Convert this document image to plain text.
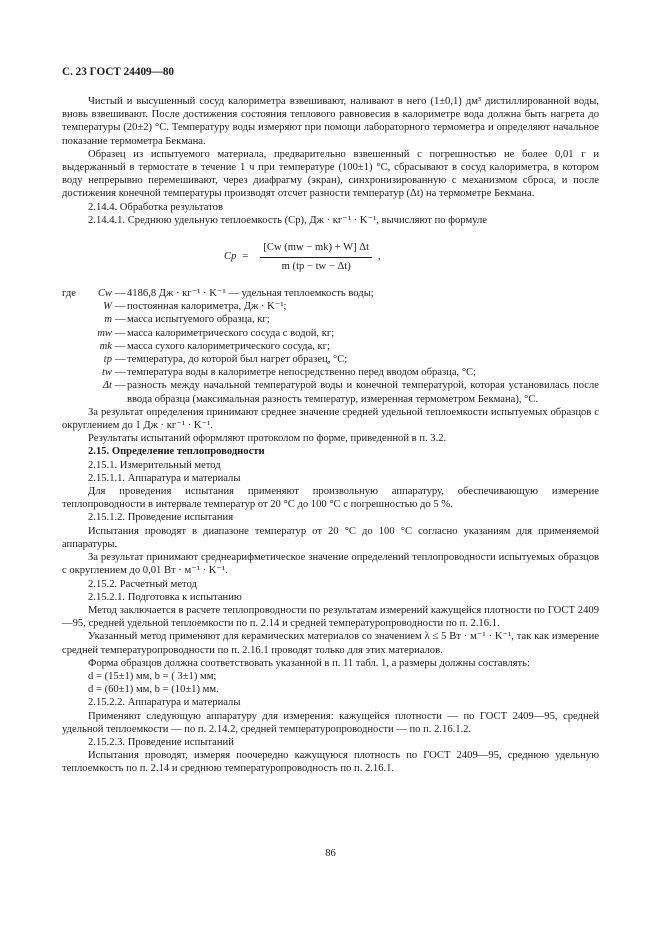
С. 23 ГОСТ 24409—80

Чистый и высушенный сосуд калориметра взвешивают, наливают в него (1±0,1) дм³ дистиллированной воды, вновь взвешивают. После достижения состояния теплового равновесия в калориметре вода должна быть нагрета до температуры (20±2) °С. Температуру воды измеряют при помощи лабораторного термометра и определяют начальное показание термометра Бекмана.

Образец из испытуемого материала, предварительно взвешенный с погрешностью не более 0,01 г и выдержанный в термостате в течение 1 ч при температуре (100±1) °С, сбрасывают в сосуд калориметра, в котором воду непрерывно перемешивают, через диафрагму (экран), синхронизированную с механизмом сброса, и после достижения конечной температуры производят отсчет разности температур (Δt) на термометре Бекмана.

2.14.4. Обработка результатов

2.14.4.1. Среднюю удельную теплоемкость (Cp), Дж · кг⁻¹ · K⁻¹, вычисляют по формуле

$Cp = \frac{[Cw (mw - mk) + W] \Delta t}{m (tp - tw - \Delta t)}$ ,
где	Cw — 4186,8 Дж · кг⁻¹ · K⁻¹ — удельная теплоемкость воды;
W — постоянная калориметра, Дж · K⁻¹;
m — масса испытуемого образца, кг;
mw — масса калориметрического сосуда с водой, кг;
mk — масса сухого калориметрического сосуда, кг;
tp — температура, до которой был нагрет образец, °С;
tw — температура воды в калориметре непосредственно перед вводом образца, °С;
Δt — разность между начальной температурой воды и конечной температурой, которая установилась после ввода образца (максимальная разность температур, измеренная термометром Бекмана), °С.

За результат определения принимают среднее значение средней удельной теплоемкости испытуемых образцов с округлением до 1 Дж · кг⁻¹ · K⁻¹.

Результаты испытаний оформляют протоколом по форме, приведенной в п. 3.2.

2.15. Определение теплопроводности

2.15.1. Измерительный метод

2.15.1.1. Аппаратура и материалы

Для проведения испытания применяют произвольную аппаратуру, обеспечивающую измерение теплопроводности в интервале температур от 20 °С до 100 °С с погрешностью до 5 %.

2.15.1.2. Проведение испытания

Испытания проводят в диапазоне температур от 20 °С до 100 °С согласно указаниям для применяемой аппаратуры.

За результат принимают среднеарифметическое значение определений теплопроводности испытуемых образцов с округлением до 0,01 Вт · м⁻¹ · K⁻¹.

2.15.2. Расчетный метод

2.15.2.1. Подготовка к испытанию

Метод заключается в расчете теплопроводности по результатам измерений кажущейся плотности по ГОСТ 2409—95, средней удельной теплоемкости по п. 2.14 и средней температуропроводности по п. 2.16.1.

Указанный метод применяют для керамических материалов со значением λ ≤ 5 Вт · м⁻¹ · K⁻¹, так как измерение средней температуропроводности по п. 2.16.1 проводят только для этих материалов.

Форма образцов должна соответствовать указанной в п. 11 табл. 1, а размеры должны составлять:

d = (15±1) мм, b = ( 3±1) мм;

d = (60±1) мм, b = (10±1) мм.

2.15.2.2. Аппаратура и материалы

Применяют следующую аппаратуру для измерения: кажущейся плотности — по ГОСТ 2409—95, средней удельной теплоемкости — по п. 2.14.2, средней температуропроводности — по п. 2.16.1.2.

2.15.2.3. Проведение испытаний

Испытания проводят, измеряя поочередно кажущуюся плотность по ГОСТ 2409—95, среднюю удельную теплоемкость по п. 2.14 и среднюю температуропроводность по п. 2.16.1.

86
